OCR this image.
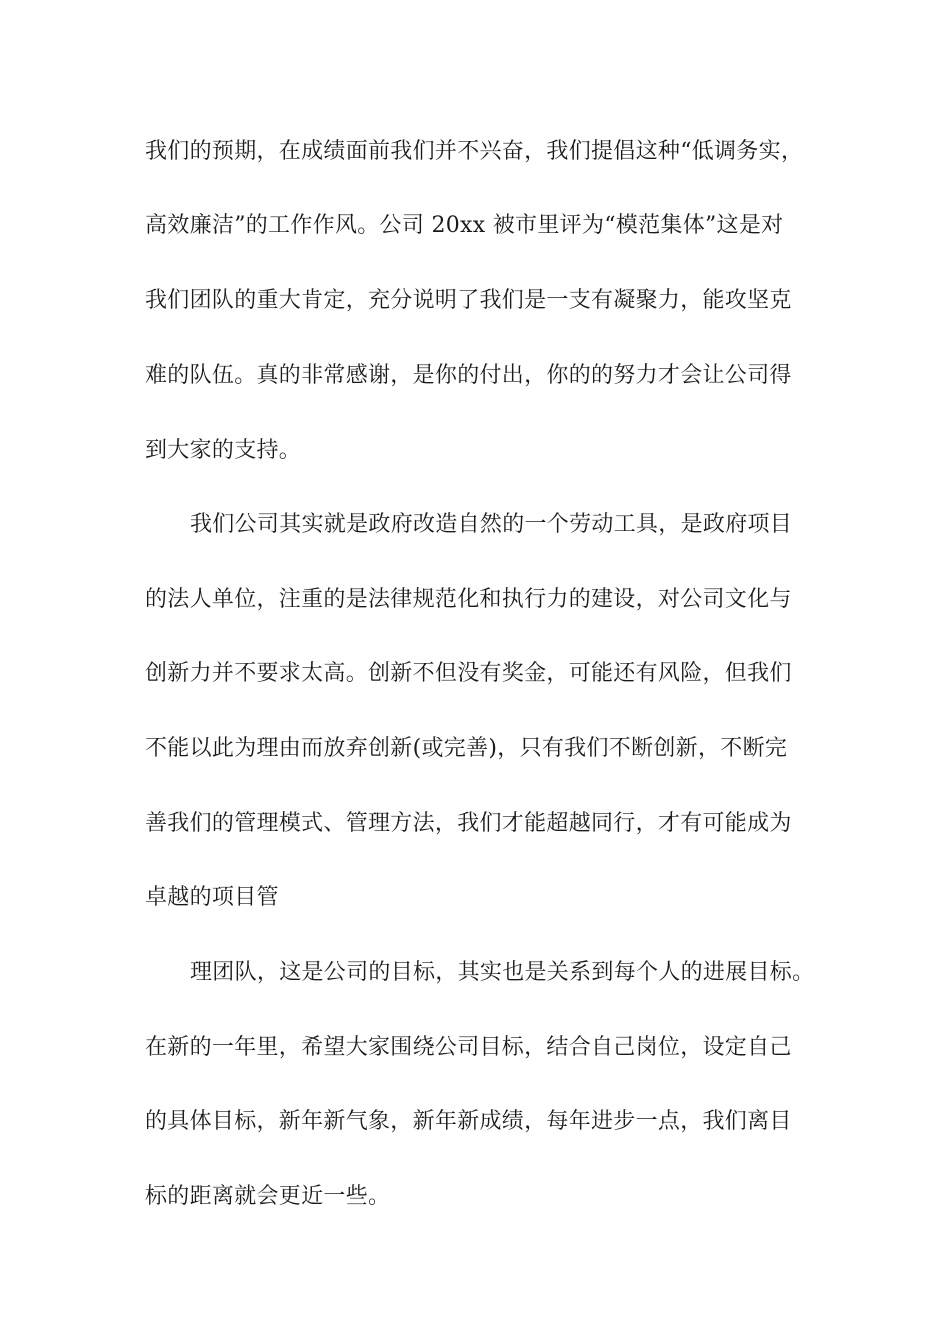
我们的预期，在成绩面前我们并不兴奋，我们提倡这种“低调务实，
高效廉洁”的工作作风。公司 20xx 被市里评为“模范集体”这是对
我们团队的重大肯定，充分说明了我们是一支有凝聚力，能攻坚克
难的队伍。真的非常感谢，是你的付出，你的的努力才会让公司得
到大家的支持。
我们公司其实就是政府改造自然的一个劳动工具，是政府项目
的法人单位，注重的是法律规范化和执行力的建设，对公司文化与
创新力并不要求太高。创新不但没有奖金，可能还有风险，但我们
不能以此为理由而放弃创新(或完善)，只有我们不断创新，不断完
善我们的管理模式、管理方法，我们才能超越同行，才有可能成为
卓越的项目管
理团队，这是公司的目标，其实也是关系到每个人的进展目标。
在新的一年里，希望大家围绕公司目标，结合自己岗位，设定自己
的具体目标，新年新气象，新年新成绩，每年进步一点，我们离目
标的距离就会更近一些。
